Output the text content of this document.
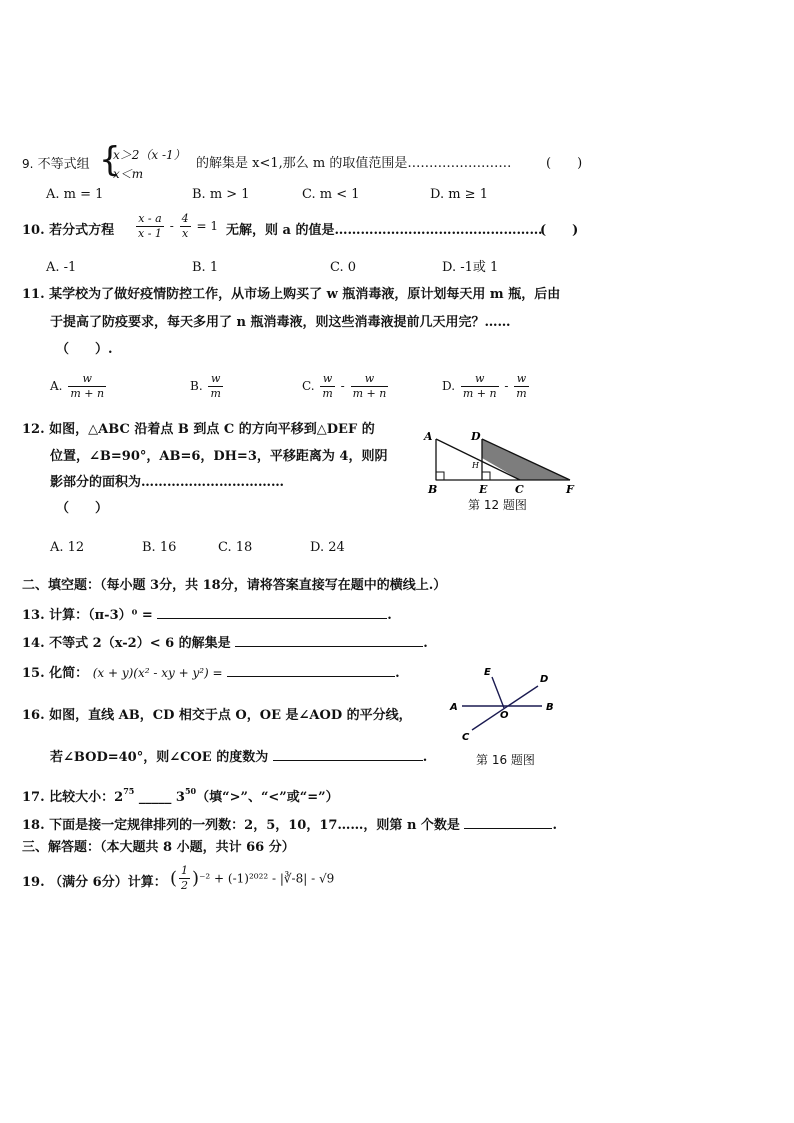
9. 不等式组 {
x＞2（x -1）
x＜m
的解集是 x<1,那么 m 的取值范围是……………………	(　　)
A. m = 1	B. m > 1	C. m < 1	D. m ≥ 1
10. 若分式方程 $\frac{x - a}{x - 1} - \frac{4}{x} = 1$ 无解，则 a 的值是…………………………………………
(　　)
A. -1	B. 1	C. 0	D. -1或 1
11. 某学校为了做好疫情防控工作，从市场上购买了 w 瓶消毒液，原计划每天用 m 瓶，后由
于提高了防疫要求，每天多用了 n 瓶消毒液，则这些消毒液提前几天用完？……
（　　）.
A. $\frac{w}{m + n}$	B. $\frac{w}{m}$	C. $\frac{w}{m} - \frac{w}{m + n}$	D. $\frac{w}{m + n} - \frac{w}{m}$
12. 如图，△ABC 沿着点 B 到点 C 的方向平移到△DEF 的
位置，∠B=90°，AB=6，DH=3，平移距离为 4，则阴
影部分的面积为……………………………
（　　）
A. 12	B. 16	C. 18	D. 24
A	D
H
B	E	C	F
第 12 题图
二、填空题：（每小题 3分，共 18分，请将答案直接写在题中的横线上.）
13. 计算：（π-3）⁰ =	.
14. 不等式 2（x-2）< 6 的解集是	.
15. 化简： (x + y)(x² - xy + y²) =	.
16. 如图，直线 AB，CD 相交于点 O，OE 是∠AOD 的平分线，
若∠BOD=40°，则∠COE 的度数为	.
E
D
A
O
B
C
第 16 题图
17. 比较大小：$2^{75}$ _____ $3^{50}$（填“>”、“<”或“=”）
18. 下面是接一定规律排列的一列数：2，5，10，17……，则第 n 个数是	.
三、解答题：（本大题共 8 小题，共计 66 分）
19. （满分 6分）计算： ( $\frac{1}{2} )^{-2} + (-1)^{2022}$ - |∛-8| - √9
